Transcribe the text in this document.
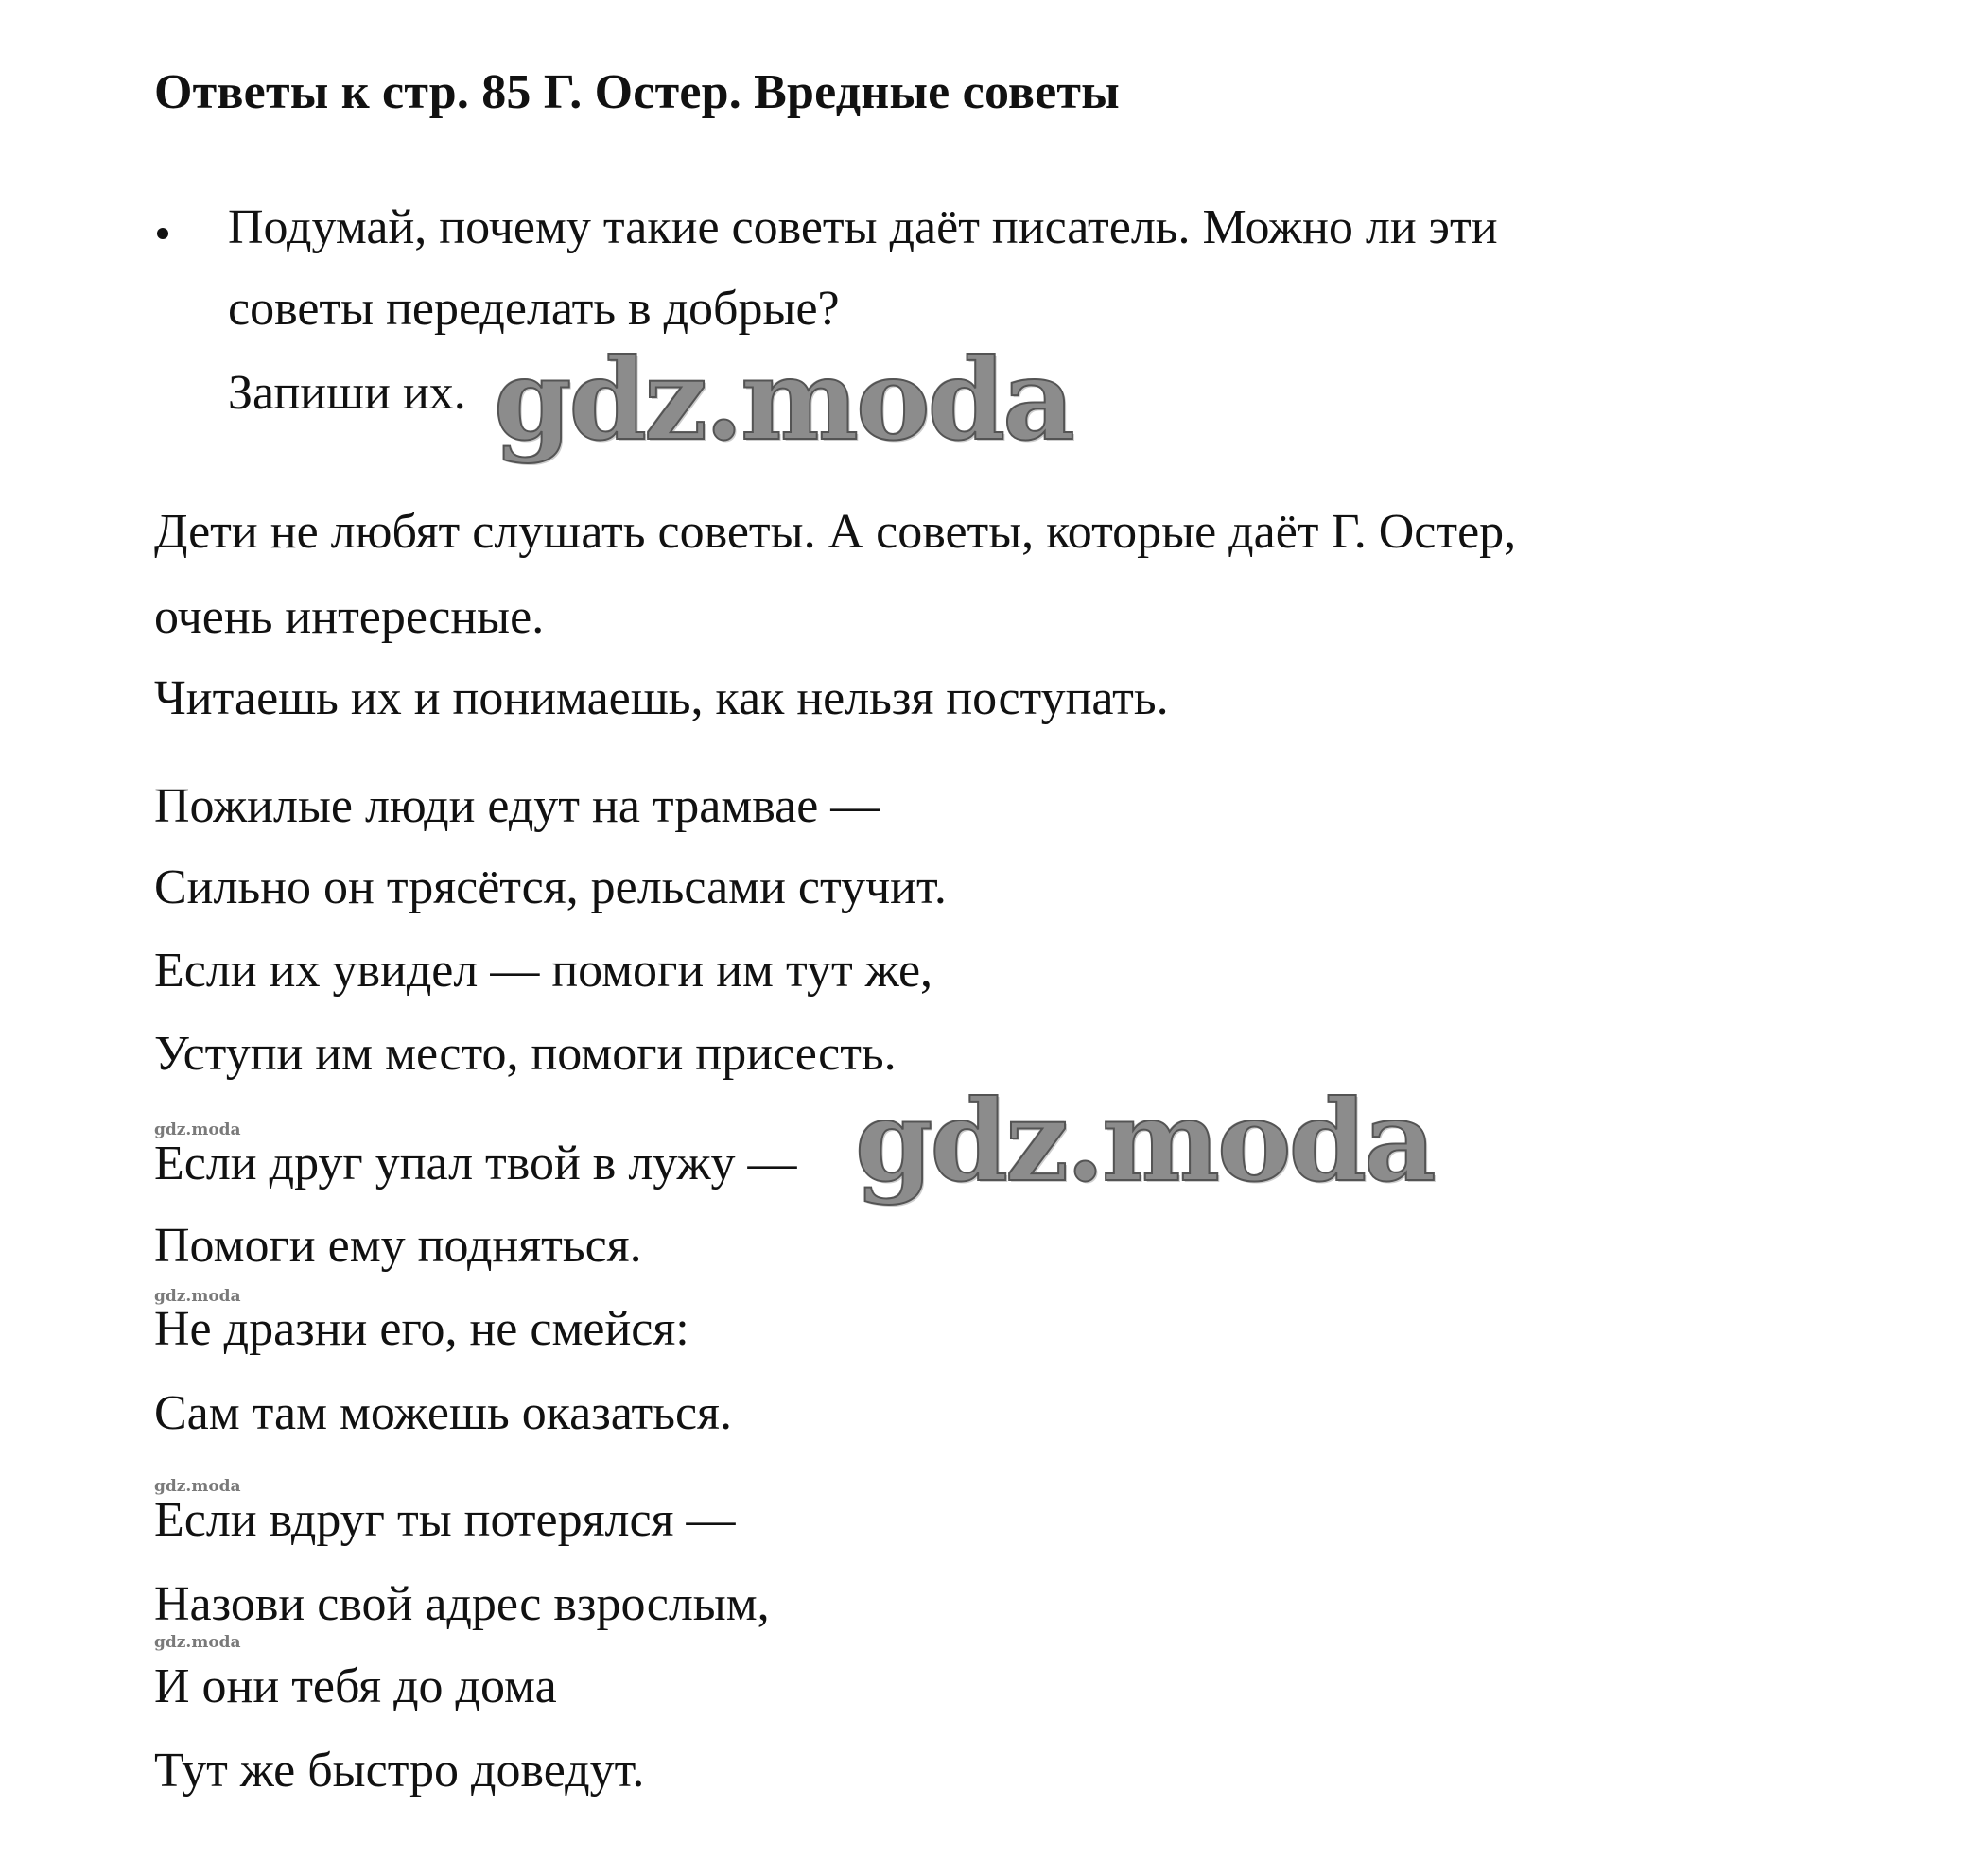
Ответы к стр. 85 Г. Остер. Вредные советы
Подумай, почему такие советы даёт писатель. Можно ли эти
советы переделать в добрые?
Запиши их. gdz.moda
Дети не любят слушать советы. А советы, которые даёт Г. Остер,
очень интересные.
Читаешь их и понимаешь, как нельзя поступать.
Пожилые люди едут на трамвае —
Сильно он трясётся, рельсами стучит.
Если их увидел — помоги им тут же,
Уступи им место, помоги присесть.
gdz.moda
Если друг упал твой в лужу — gdz.moda
Помоги ему подняться.
gdz.moda
Не дразни его, не смейся:
Сам там можешь оказаться.
gdz.moda
Если вдруг ты потерялся —
Назови свой адрес взрослым,
gdz.moda
И они тебя до дома
Тут же быстро доведут.
